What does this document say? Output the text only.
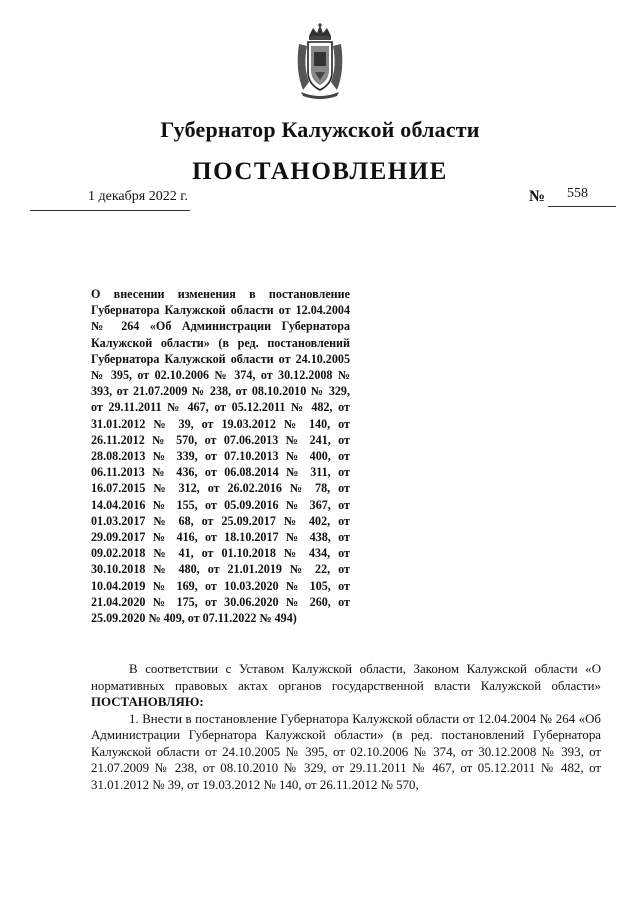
Губернатор Калужской области
ПОСТАНОВЛЕНИЕ
1 декабря 2022 г.	№ 558
О внесении изменения в постановление Губернатора Калужской области от 12.04.2004 № 264 «Об Администрации Губернатора Калужской области» (в ред. постановлений Губернатора Калужской области от 24.10.2005 № 395, от 02.10.2006 № 374, от 30.12.2008 № 393, от 21.07.2009 № 238, от 08.10.2010 № 329, от 29.11.2011 № 467, от 05.12.2011 № 482, от 31.01.2012 № 39, от 19.03.2012 № 140, от 26.11.2012 № 570, от 07.06.2013 № 241, от 28.08.2013 № 339, от 07.10.2013 № 400, от 06.11.2013 № 436, от 06.08.2014 № 311, от 16.07.2015 № 312, от 26.02.2016 № 78, от 14.04.2016 № 155, от 05.09.2016 № 367, от 01.03.2017 № 68, от 25.09.2017 № 402, от 29.09.2017 № 416, от 18.10.2017 № 438, от 09.02.2018 № 41, от 01.10.2018 № 434, от 30.10.2018 № 480, от 21.01.2019 № 22, от 10.04.2019 № 169, от 10.03.2020 № 105, от 21.04.2020 № 175, от 30.06.2020 № 260, от 25.09.2020 № 409, от 07.11.2022 № 494)

В соответствии с Уставом Калужской области, Законом Калужской области «О нормативных правовых актах органов государственной власти Калужской области» ПОСТАНОВЛЯЮ:

1. Внести в постановление Губернатора Калужской области от 12.04.2004 № 264 «Об Администрации Губернатора Калужской области» (в ред. постановлений Губернатора Калужской области от 24.10.2005 № 395, от 02.10.2006 № 374, от 30.12.2008 № 393, от 21.07.2009 № 238, от 08.10.2010 № 329, от 29.11.2011 № 467, от 05.12.2011 № 482, от 31.01.2012 № 39, от 19.03.2012 № 140, от 26.11.2012 № 570,
